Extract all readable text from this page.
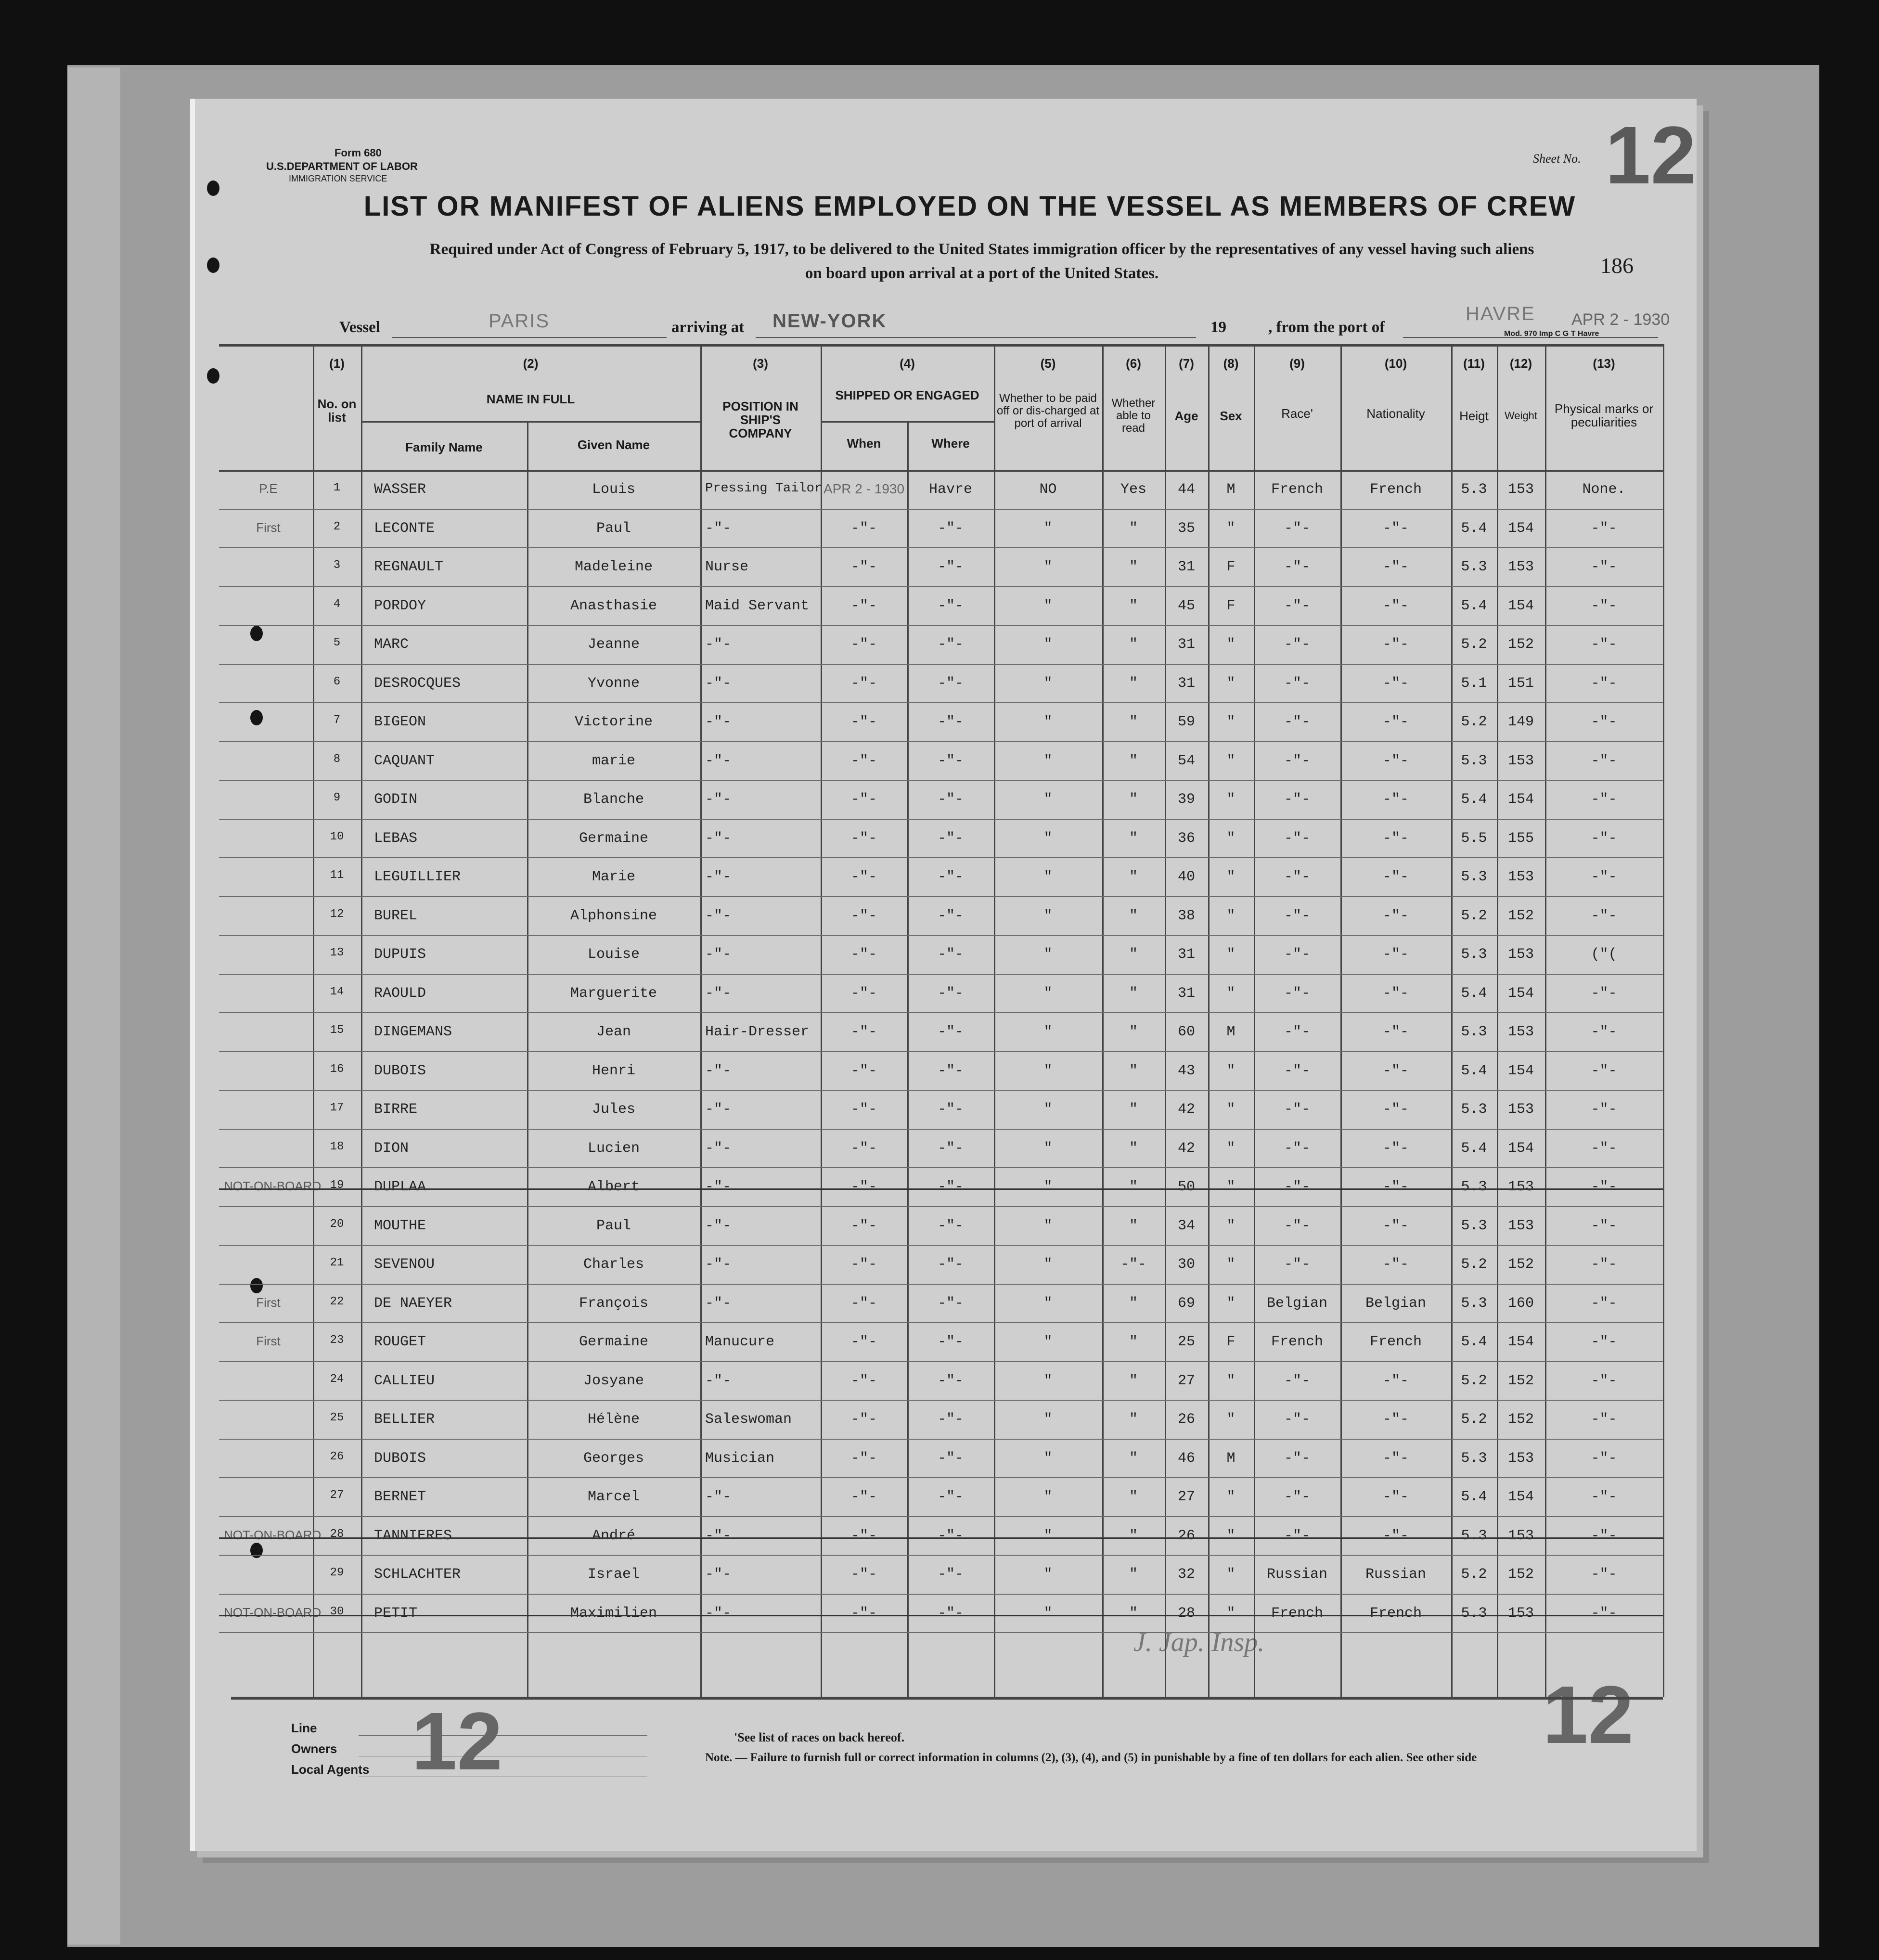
Form 680
U.S.DEPARTMENT OF LABOR
IMMIGRATION SERVICE
Sheet No. 12
186
LIST OR MANIFEST OF ALIENS EMPLOYED ON THE VESSEL AS MEMBERS OF CREW
Required under Act of Congress of February 5, 1917, to be delivered to the United States immigration officer by the representatives of any vessel having such aliens
on board upon arrival at a port of the United States.
Vessel	PARIS	arriving at NEW-YORK	19	, from the port of
HAVRE APR 2 - 1930
Mod. 970 Imp C G T Havre
Line
Owners
Local Agents 12	12
'See list of races on back hereof.
Note. — Failure to furnish full or correct information in columns (2), (3), (4), and (5) in punishable by a fine of ten dollars for each alien. See other side
J. Jap. Insp.
(1)	(2)	(3)	(4)	(5)	(6)	(7)	(8)	(9)	(10)	(11)	(12)	(13)
No. on list
NAME IN FULL
Family Name	Given Name
POSITION IN SHIP'S COMPANY
SHIPPED OR ENGAGED
When	Where
Whether to be paid off or dis-charged at port of arrival
Whether able to read
Age	Sex	Race'	Nationality	Heigt	Weight	Physical marks or peculiarities
P.E	1	WASSER	Louis	Pressing Tailor APR 2 - 1930	Havre	NO	Yes	44	M	French	French	5.3	153	None.
First	2	LECONTE	Paul	-"-	-"-	-"-	"	"	35	"	-"-	-"-	5.4	154	-"-
3	REGNAULT	Madeleine	Nurse	-"-	-"-	"	"	31	F	-"-	-"-	5.3	153	-"-
4	PORDOY	Anasthasie	Maid Servant	-"-	-"-	"	"	45	F	-"-	-"-	5.4	154	-"-
5	MARC	Jeanne	-"-	-"-	-"-	"	"	31	"	-"-	-"-	5.2	152	-"-
6	DESROCQUES	Yvonne	-"-	-"-	-"-	"	"	31	"	-"-	-"-	5.1	151	-"-
7	BIGEON	Victorine	-"-	-"-	-"-	"	"	59	"	-"-	-"-	5.2	149	-"-
8	CAQUANT	marie	-"-	-"-	-"-	"	"	54	"	-"-	-"-	5.3	153	-"-
9	GODIN	Blanche	-"-	-"-	-"-	"	"	39	"	-"-	-"-	5.4	154	-"-
10	LEBAS	Germaine	-"-	-"-	-"-	"	"	36	"	-"-	-"-	5.5	155	-"-
11	LEGUILLIER	Marie	-"-	-"-	-"-	"	"	40	"	-"-	-"-	5.3	153	-"-
12	BUREL	Alphonsine	-"-	-"-	-"-	"	"	38	"	-"-	-"-	5.2	152	-"-
13	DUPUIS	Louise	-"-	-"-	-"-	"	"	31	"	-"-	-"-	5.3	153	("(
14	RAOULD	Marguerite	-"-	-"-	-"-	"	"	31	"	-"-	-"-	5.4	154	-"-
15	DINGEMANS	Jean	Hair-Dresser	-"-	-"-	"	"	60	M	-"-	-"-	5.3	153	-"-
16	DUBOIS	Henri	-"-	-"-	-"-	"	"	43	"	-"-	-"-	5.4	154	-"-
17	BIRRE	Jules	-"-	-"-	-"-	"	"	42	"	-"-	-"-	5.3	153	-"-
18	DION	Lucien	-"-	-"-	-"-	"	"	42	"	-"-	-"-	5.4	154	-"-
NOT-ON-BOARD 19	DUPLAA	Albert	-"-	-"-	-"-	"	"	50	"	-"-	-"-	5.3	153	-"-
20	MOUTHE	Paul	-"-	-"-	-"-	"	"	34	"	-"-	-"-	5.3	153	-"-
21	SEVENOU	Charles	-"-	-"-	-"-	"	-"-	30	"	-"-	-"-	5.2	152	-"-
First	22	DE NAEYER	François	-"-	-"-	-"-	"	"	69	"	Belgian	Belgian	5.3	160	-"-
First	23	ROUGET	Germaine	Manucure	-"-	-"-	"	"	25	F	French	French	5.4	154	-"-
24	CALLIEU	Josyane	-"-	-"-	-"-	"	"	27	"	-"-	-"-	5.2	152	-"-
25	BELLIER	Hélène	Saleswoman	-"-	-"-	"	"	26	"	-"-	-"-	5.2	152	-"-
26	DUBOIS	Georges	Musician	-"-	-"-	"	"	46	M	-"-	-"-	5.3	153	-"-
27	BERNET	Marcel	-"-	-"-	-"-	"	"	27	"	-"-	-"-	5.4	154	-"-
NOT-ON-BOARD 28	TANNIERES	André	-"-	-"-	-"-	"	"	26	"	-"-	-"-	5.3	153	-"-
29	SCHLACHTER	Israel	-"-	-"-	-"-	"	"	32	"	Russian	Russian	5.2	152	-"-
NOT-ON-BOARD 30	PETIT	Maximilien	-"-	-"-	-"-	"	"	28	"	French	French	5.3	153	-"-
